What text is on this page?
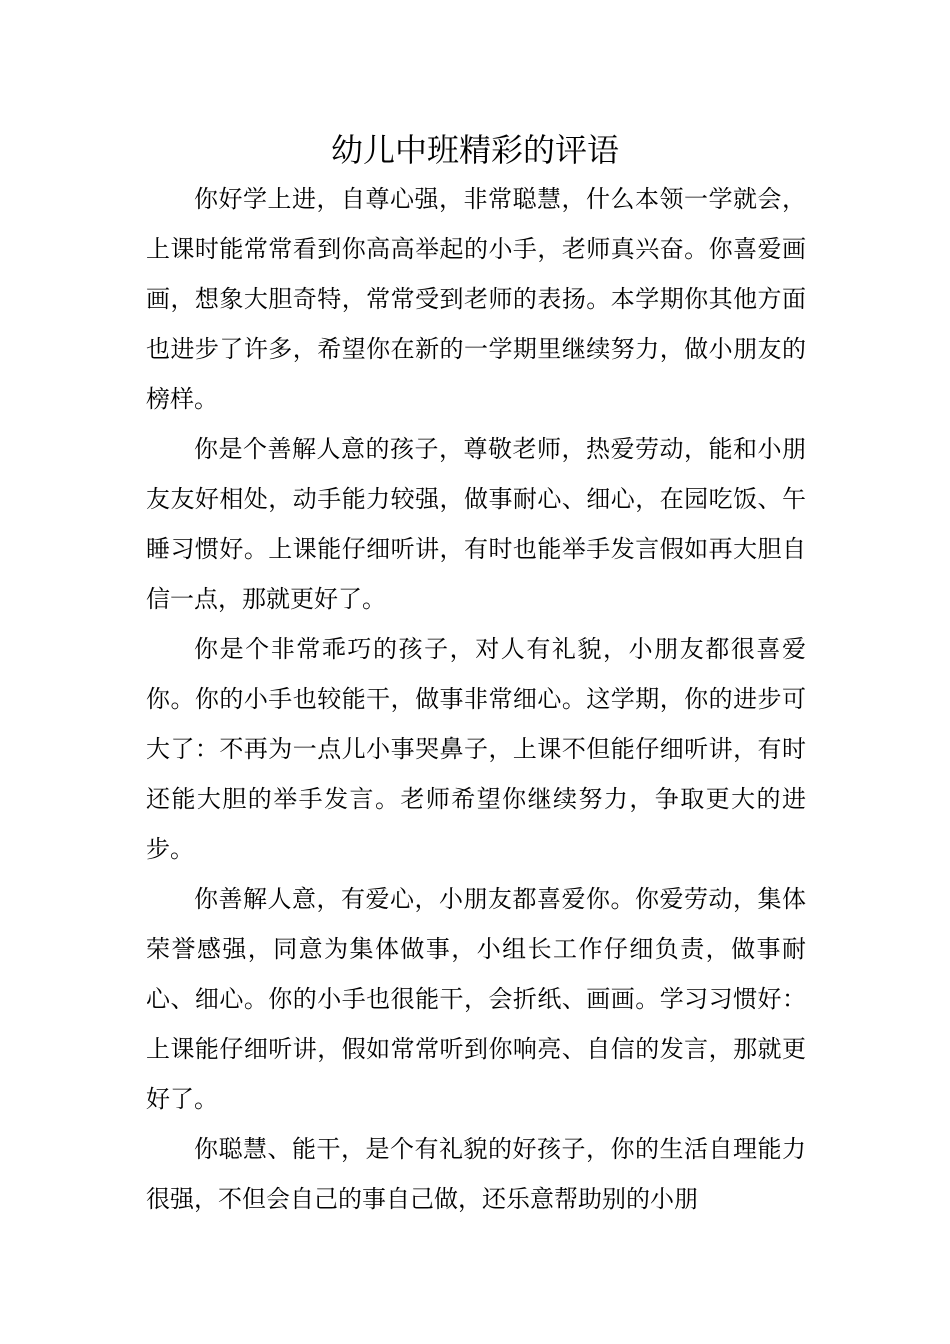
幼儿中班精彩的评语

你好学上进，自尊心强，非常聪慧，什么本领一学就会，上课时能常常看到你高高举起的小手，老师真兴奋。你喜爱画画，想象大胆奇特，常常受到老师的表扬。本学期你其他方面也进步了许多，希望你在新的一学期里继续努力，做小朋友的榜样。

你是个善解人意的孩子，尊敬老师，热爱劳动，能和小朋友友好相处，动手能力较强，做事耐心、细心，在园吃饭、午睡习惯好。上课能仔细听讲，有时也能举手发言假如再大胆自信一点，那就更好了。

你是个非常乖巧的孩子，对人有礼貌，小朋友都很喜爱你。你的小手也较能干，做事非常细心。这学期，你的进步可大了：不再为一点儿小事哭鼻子，上课不但能仔细听讲，有时还能大胆的举手发言。老师希望你继续努力，争取更大的进步。

你善解人意，有爱心，小朋友都喜爱你。你爱劳动，集体荣誉感强，同意为集体做事，小组长工作仔细负责，做事耐心、细心。你的小手也很能干，会折纸、画画。学习习惯好：上课能仔细听讲，假如常常听到你响亮、自信的发言，那就更好了。

你聪慧、能干，是个有礼貌的好孩子，你的生活自理能力很强，不但会自己的事自己做，还乐意帮助别的小朋
